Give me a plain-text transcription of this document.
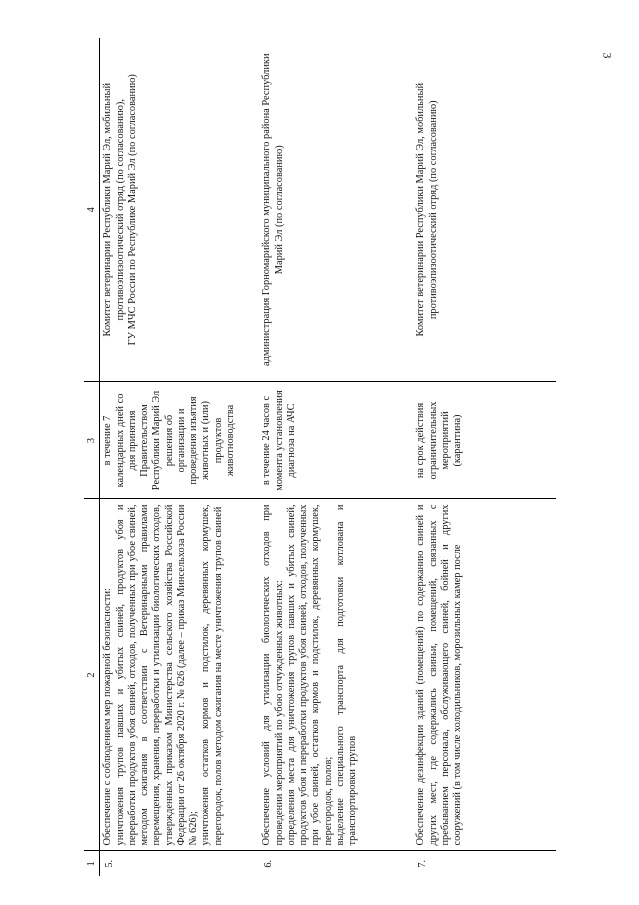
3
1	2	3	4
5.	Обеспечение с соблюдением мер пожарной безопасности: уничтожения трупов павших и убитых свиней, продуктов убоя и переработки продуктов убоя свиней, отходов, полученных при убое свиней, методом сжигания в соответствии с Ветеринарными правилами перемещения, хранения, переработки и утилизации биологических отходов, утвержденных приказом Министерства сельского хозяйства Российской Федерации от 26 октября 2020 г. № 626 (далее – приказ Минсельхоза России № 626); уничтожения остатков кормов и подстилок, деревянных кормушек, перегородок, полов методом сжигания на месте уничтожения трупов свиней	в течение 7 календарных дней со дня принятия Правительством Республики Марий Эл решения об организации и проведения изъятия животных и (или) продуктов животноводства	Комитет ветеринарии Республики Марий Эл, мобильный противоэпизоотический отряд (по согласованию), ГУ МЧС России по Республике Марий Эл (по согласованию)

6.	Обеспечение условий для утилизации биологических отходов при проведении мероприятий по убою отчужденных животных: определения места для уничтожения трупов павших и убитых свиней, продуктов убоя и переработки продуктов убоя свиней, отходов, полученных при убое свиней, остатков кормов и подстилок, деревянных кормушек, перегородок, полов; выделение специального транспорта для подготовки котлована и транспортировки трупов	в течение 24 часов с момента установления диагноза на АЧС	администрация Горномарийского муниципального района Республики Марий Эл (по согласованию)

7.	Обеспечение дезинфекции зданий (помещений) по содержанию свиней и других мест, где содержались свиньи, помещений, связанных с пребыванием персонала, обслуживающего свиней, бойней и других сооружений (в том числе холодильников, морозильных камер после	на срок действия ограничительных мероприятий (карантина)	Комитет ветеринарии Республики Марий Эл, мобильный противоэпизоотический отряд (по согласованию)
